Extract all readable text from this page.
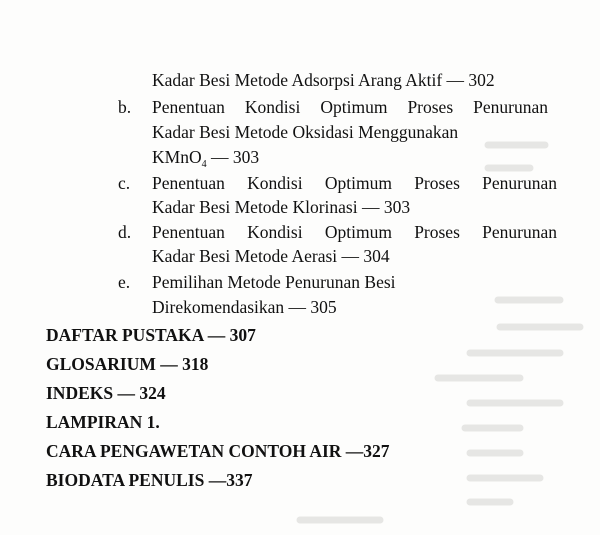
Kadar Besi Metode Adsorpsi Arang Aktif — 302
b. Penentuan Kondisi Optimum Proses Penurunan
Kadar Besi Metode Oksidasi Menggunakan
KMnO$_4$ — 303
c. Penentuan Kondisi Optimum Proses Penurunan
Kadar Besi Metode Klorinasi — 303
d. Penentuan Kondisi Optimum Proses Penurunan
Kadar Besi Metode Aerasi — 304
e. Pemilihan Metode Penurunan Besi
Direkomendasikan — 305
DAFTAR PUSTAKA — 307
GLOSARIUM — 318
INDEKS — 324
LAMPIRAN 1.
CARA PENGAWETAN CONTOH AIR —327
BIODATA PENULIS —337
